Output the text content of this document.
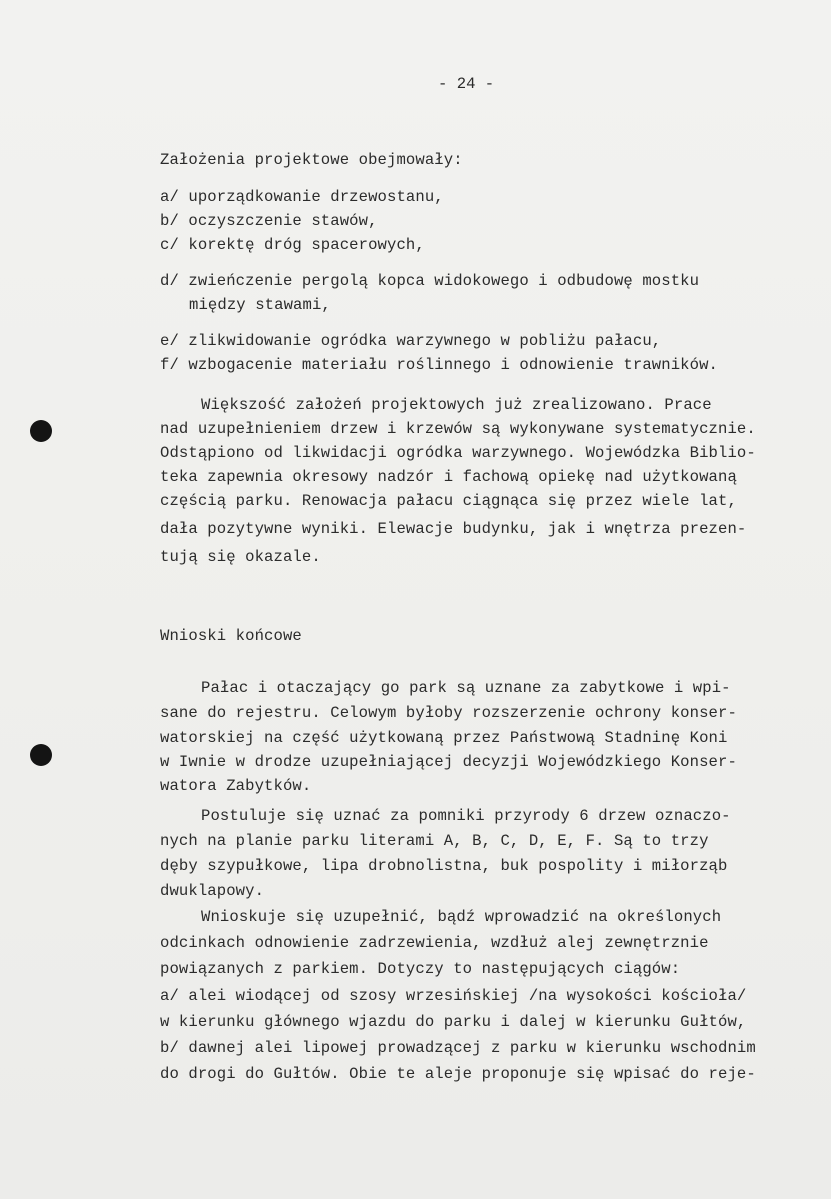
- 24 -
Założenia projektowe obejmowały:
a/ uporządkowanie drzewostanu,
b/ oczyszczenie stawów,
c/ korektę dróg spacerowych,
d/ zwieńczenie pergolą kopca widokowego i odbudowę mostku
między stawami,
e/ zlikwidowanie ogródka warzywnego w pobliżu pałacu,
f/ wzbogacenie materiału roślinnego i odnowienie trawników.
Większość założeń projektowych już zrealizowano. Prace
nad uzupełnieniem drzew i krzewów są wykonywane systematycznie.
Odstąpiono od likwidacji ogródka warzywnego. Wojewódzka Biblio-
teka zapewnia okresowy nadzór i fachową opiekę nad użytkowaną
częścią parku. Renowacja pałacu ciągnąca się przez wiele lat,
dała pozytywne wyniki. Elewacje budynku, jak i wnętrza prezen-
tują się okazale.
Wnioski końcowe
Pałac i otaczający go park są uznane za zabytkowe i wpi-
sane do rejestru. Celowym byłoby rozszerzenie ochrony konser-
watorskiej na część użytkowaną przez Państwową Stadninę Koni
w Iwnie w drodze uzupełniającej decyzji Wojewódzkiego Konser-
watora Zabytków.
Postuluje się uznać za pomniki przyrody 6 drzew oznaczo-
nych na planie parku literami A, B, C, D, E, F. Są to trzy
dęby szypułkowe, lipa drobnolistna, buk pospolity i miłorząb
dwuklapowy.
Wnioskuje się uzupełnić, bądź wprowadzić na określonych
odcinkach odnowienie zadrzewienia, wzdłuż alej zewnętrznie
powiązanych z parkiem. Dotyczy to następujących ciągów:
a/ alei wiodącej od szosy wrzesińskiej /na wysokości kościoła/
w kierunku głównego wjazdu do parku i dalej w kierunku Gułtów,
b/ dawnej alei lipowej prowadzącej z parku w kierunku wschodnim
do drogi do Gułtów. Obie te aleje proponuje się wpisać do reje-
